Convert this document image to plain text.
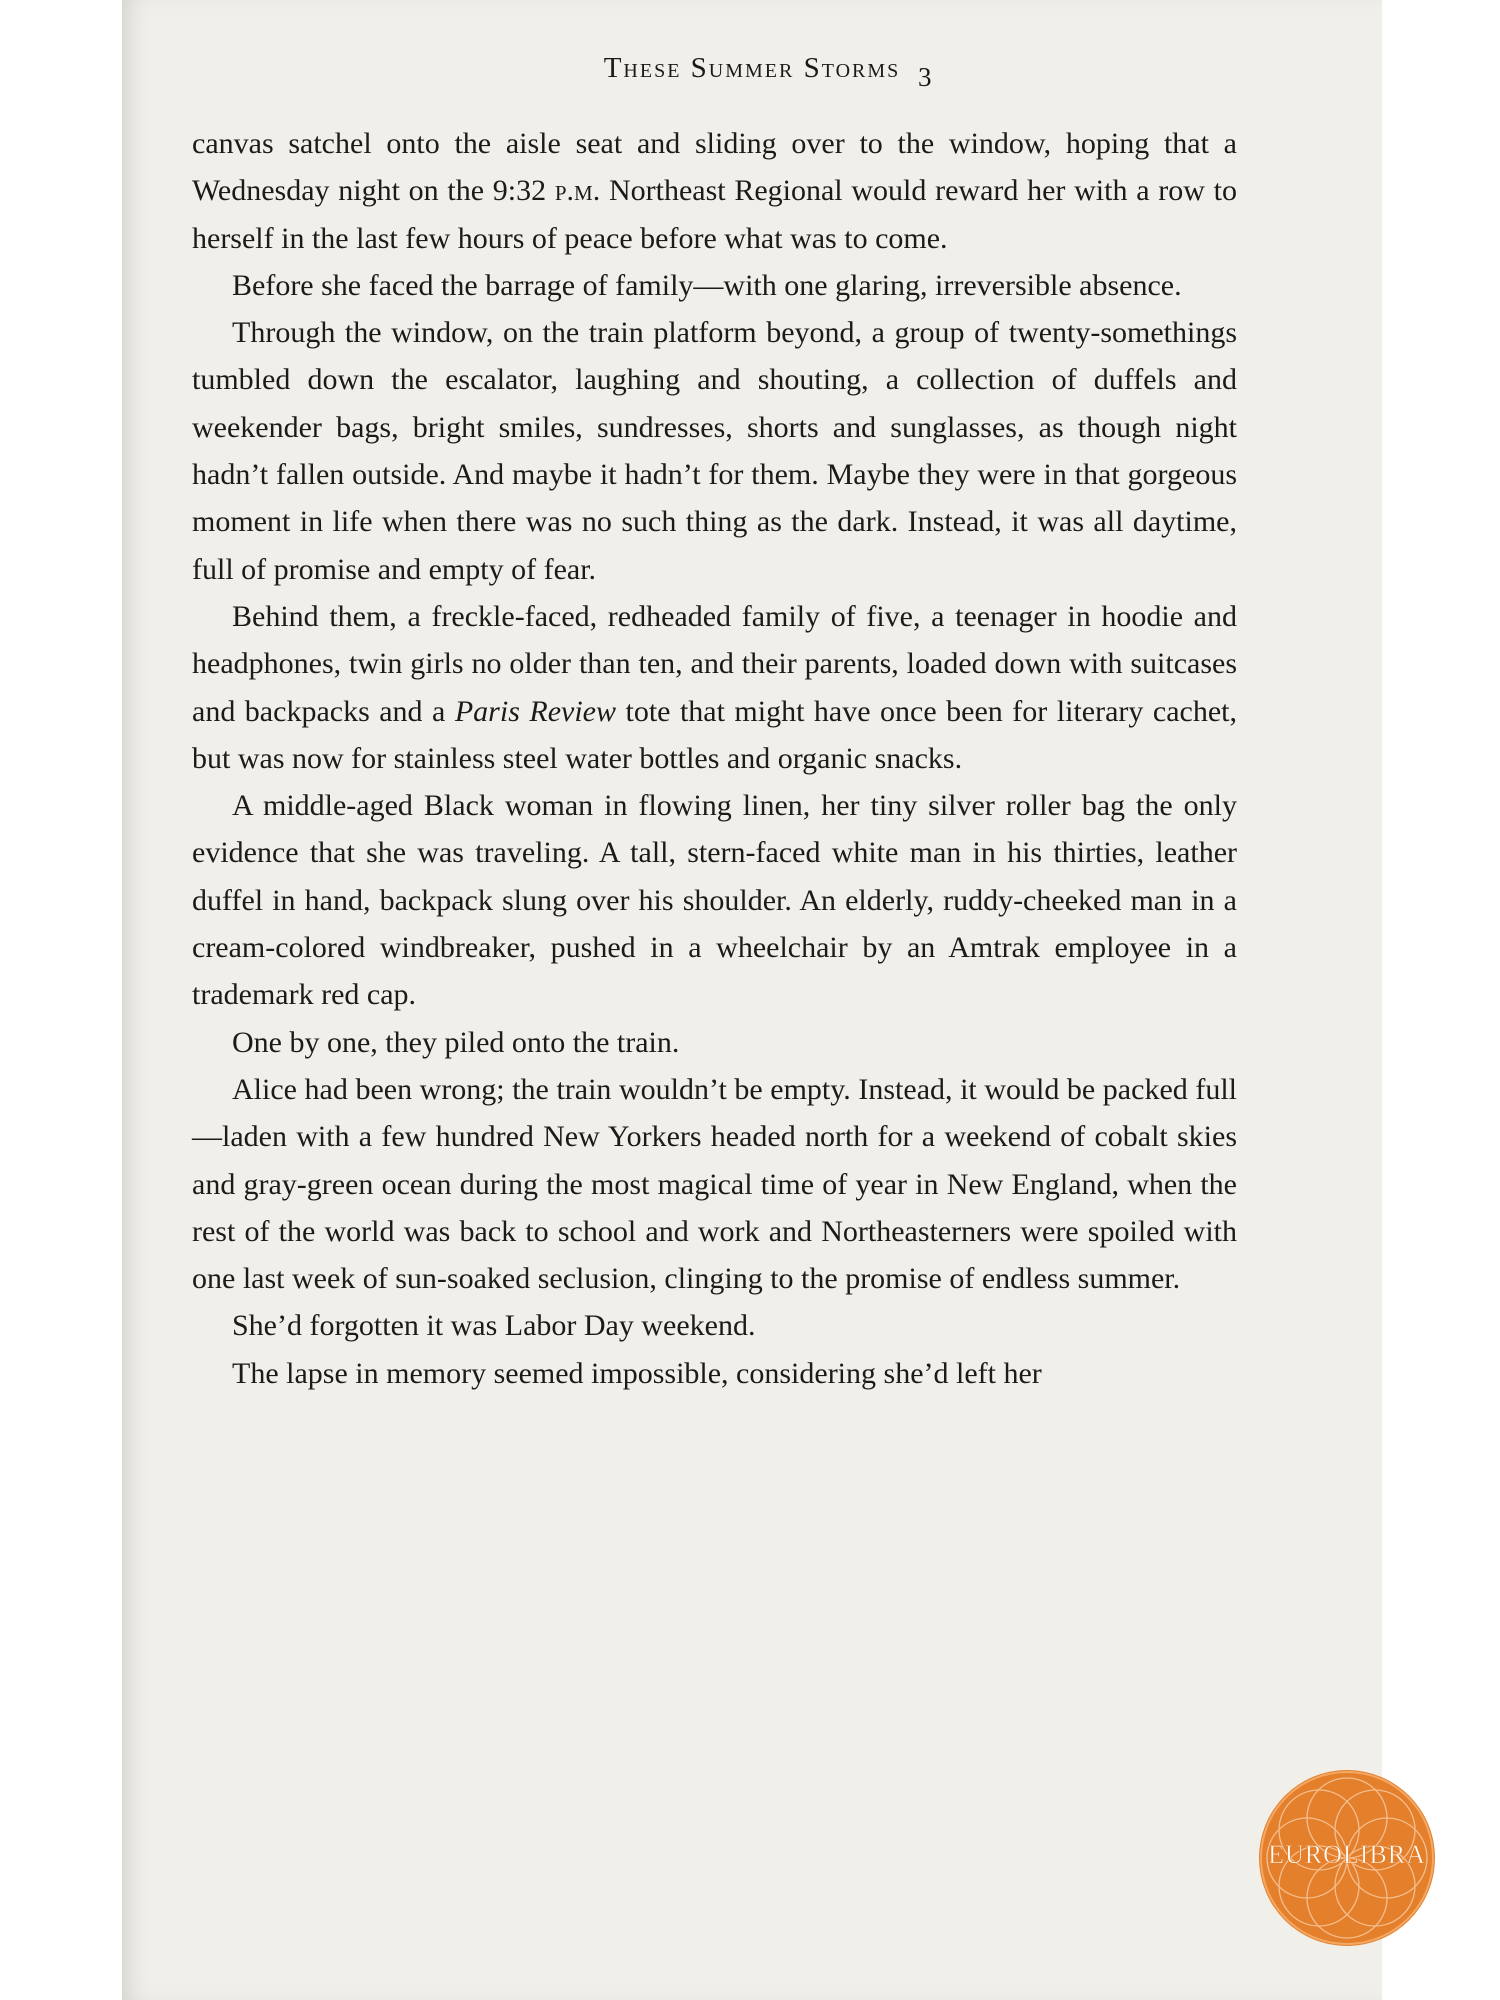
These Summer Storms 3

canvas satchel onto the aisle seat and sliding over to the window, hoping that a Wednesday night on the 9:32 p.m. Northeast Regional would reward her with a row to herself in the last few hours of peace before what was to come.

Before she faced the barrage of family—with one glaring, irreversible absence.

Through the window, on the train platform beyond, a group of twenty-somethings tumbled down the escalator, laughing and shouting, a collection of duffels and weekender bags, bright smiles, sundresses, shorts and sunglasses, as though night hadn’t fallen outside. And maybe it hadn’t for them. Maybe they were in that gorgeous moment in life when there was no such thing as the dark. Instead, it was all daytime, full of promise and empty of fear.

Behind them, a freckle-faced, redheaded family of five, a teenager in hoodie and headphones, twin girls no older than ten, and their parents, loaded down with suitcases and backpacks and a Paris Review tote that might have once been for literary cachet, but was now for stainless steel water bottles and organic snacks.

A middle-aged Black woman in flowing linen, her tiny silver roller bag the only evidence that she was traveling. A tall, stern-faced white man in his thirties, leather duffel in hand, backpack slung over his shoulder. An elderly, ruddy-cheeked man in a cream-colored windbreaker, pushed in a wheelchair by an Amtrak employee in a trademark red cap.

One by one, they piled onto the train.

Alice had been wrong; the train wouldn’t be empty. Instead, it would be packed full—laden with a few hundred New Yorkers headed north for a weekend of cobalt skies and gray-green ocean during the most magical time of year in New England, when the rest of the world was back to school and work and Northeasterners were spoiled with one last week of sun-soaked seclusion, clinging to the promise of endless summer.

She’d forgotten it was Labor Day weekend.

The lapse in memory seemed impossible, considering she’d left her

EUROLIBRA
